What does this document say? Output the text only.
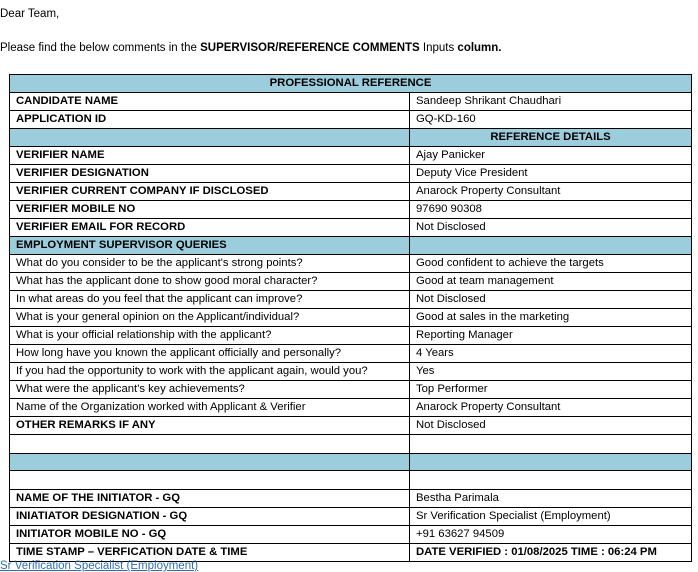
Dear Team,
Please find the below comments in the SUPERVISOR/REFERENCE COMMENTS Inputs column.
PROFESSIONAL REFERENCE	
CANDIDATE NAME	Sandeep Shrikant Chaudhari
APPLICATION ID	GQ-KD-160
	REFERENCE DETAILS
VERIFIER NAME	Ajay Panicker
VERIFIER DESIGNATION	Deputy Vice President
VERIFIER CURRENT COMPANY IF DISCLOSED	Anarock Property Consultant
VERIFIER MOBILE NO	97690 90308
VERIFIER EMAIL FOR RECORD	Not Disclosed
EMPLOYMENT SUPERVISOR QUERIES	
What do you consider to be the applicant's strong points?	Good confident to achieve the targets
What has the applicant done to show good moral character?	Good at team management
In what areas do you feel that the applicant can improve?	Not Disclosed
What is your general opinion on the Applicant/individual?	Good at sales in the marketing
What is your official relationship with the applicant?	Reporting Manager
How long have you known the applicant officially and personally?	4 Years
If you had the opportunity to work with the applicant again, would you?	Yes
What were the applicant's key achievements?	Top Performer
Name of the Organization worked with Applicant & Verifier	Anarock Property Consultant
OTHER REMARKS IF ANY	Not Disclosed

NAME OF THE INITIATOR - GQ	Bestha Parimala
INIATIATOR DESIGNATION - GQ	Sr Verification Specialist (Employment)
INITIATOR MOBILE NO - GQ	+91 63627 94509
TIME STAMP – VERFICATION DATE & TIME	DATE VERIFIED : 01/08/2025 TIME : 06:24 PM
Sr Verification Specialist (Employment)
